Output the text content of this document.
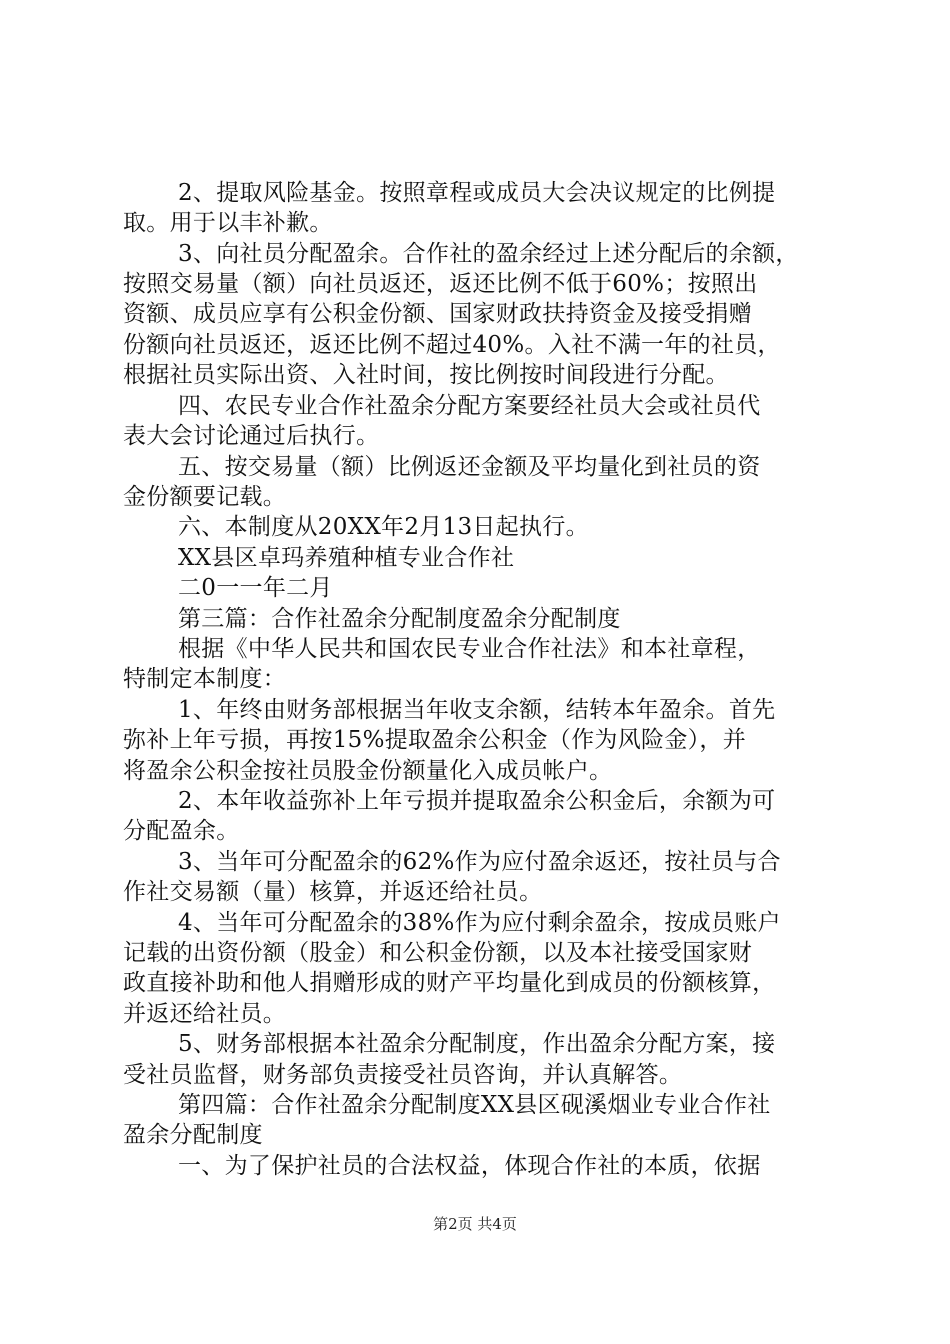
2、提取风险基金。按照章程或成员大会决议规定的比例提
取。用于以丰补歉。
3、向社员分配盈余。合作社的盈余经过上述分配后的余额，
按照交易量（额）向社员返还，返还比例不低于60%；按照出
资额、成员应享有公积金份额、国家财政扶持资金及接受捐赠
份额向社员返还，返还比例不超过40%。入社不满一年的社员，
根据社员实际出资、入社时间，按比例按时间段进行分配。
四、农民专业合作社盈余分配方案要经社员大会或社员代
表大会讨论通过后执行。
五、按交易量（额）比例返还金额及平均量化到社员的资
金份额要记载。
六、本制度从20XX年2月13日起执行。
XX县区卓玛养殖种植专业合作社
二0一一年二月
第三篇：合作社盈余分配制度盈余分配制度
根据《中华人民共和国农民专业合作社法》和本社章程，
特制定本制度：
1、年终由财务部根据当年收支余额，结转本年盈余。首先
弥补上年亏损，再按15%提取盈余公积金（作为风险金），并
将盈余公积金按社员股金份额量化入成员帐户。
2、本年收益弥补上年亏损并提取盈余公积金后，余额为可
分配盈余。
3、当年可分配盈余的62%作为应付盈余返还，按社员与合
作社交易额（量）核算，并返还给社员。
4、当年可分配盈余的38%作为应付剩余盈余，按成员账户
记载的出资份额（股金）和公积金份额，以及本社接受国家财
政直接补助和他人捐赠形成的财产平均量化到成员的份额核算，
并返还给社员。
5、财务部根据本社盈余分配制度，作出盈余分配方案，接
受社员监督，财务部负责接受社员咨询，并认真解答。
第四篇：合作社盈余分配制度XX县区砚溪烟业专业合作社
盈余分配制度
一、为了保护社员的合法权益，体现合作社的本质，依据
第2页 共4页
